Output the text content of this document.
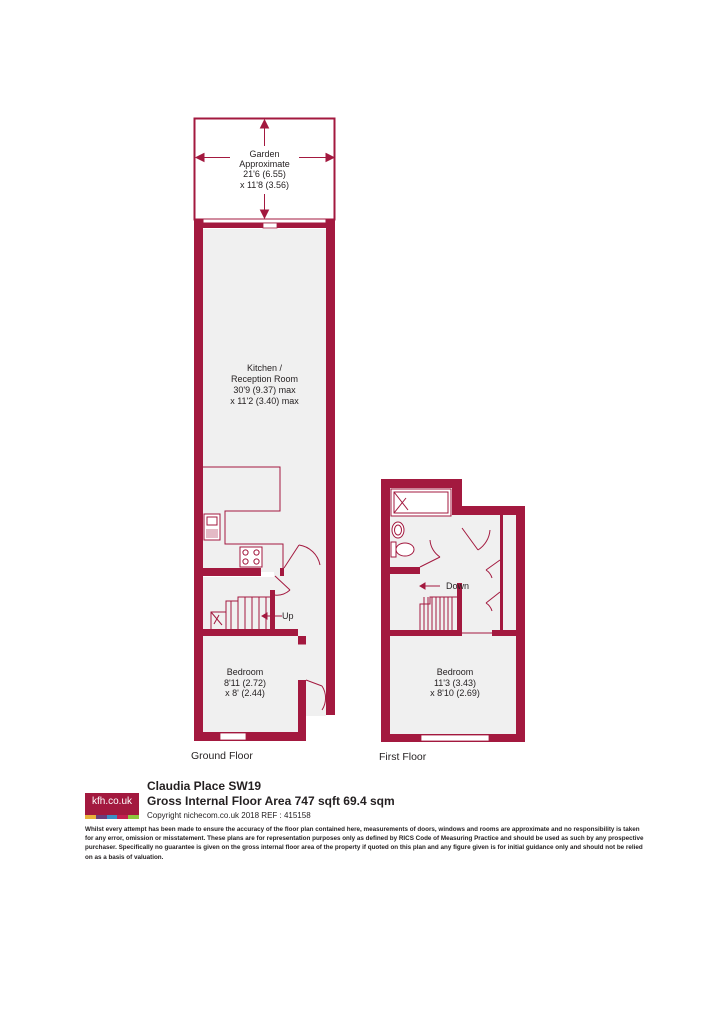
Garden
Approximate
21'6 (6.55)
x 11'8 (3.56)
Up
Kitchen /
Reception Room
30'9 (9.37) max
x 11'2 (3.40) max
Bedroom
8'11 (2.72)
x 8' (2.44)
Ground Floor
Down
Bedroom
11'3 (3.43)
x 8'10 (2.69)
First Floor
kfh.co.uk
Claudia Place SW19
Gross Internal Floor Area 747 sqft 69.4 sqm
Copyright nichecom.co.uk 2018 REF : 415158
Whilst every attempt has been made to ensure the accuracy of the floor plan contained here, measurements of doors, windows and rooms are approximate and no responsibility is taken for any error, omission or misstatement. These plans are for representation purposes only as defined by RICS Code of Measuring Practice and should be used as such by any prospective purchaser. Specifically no guarantee is given on the gross internal floor area of the property if quoted on this plan and any figure given is for initial guidance only and should not be relied on as a basis of valuation.
